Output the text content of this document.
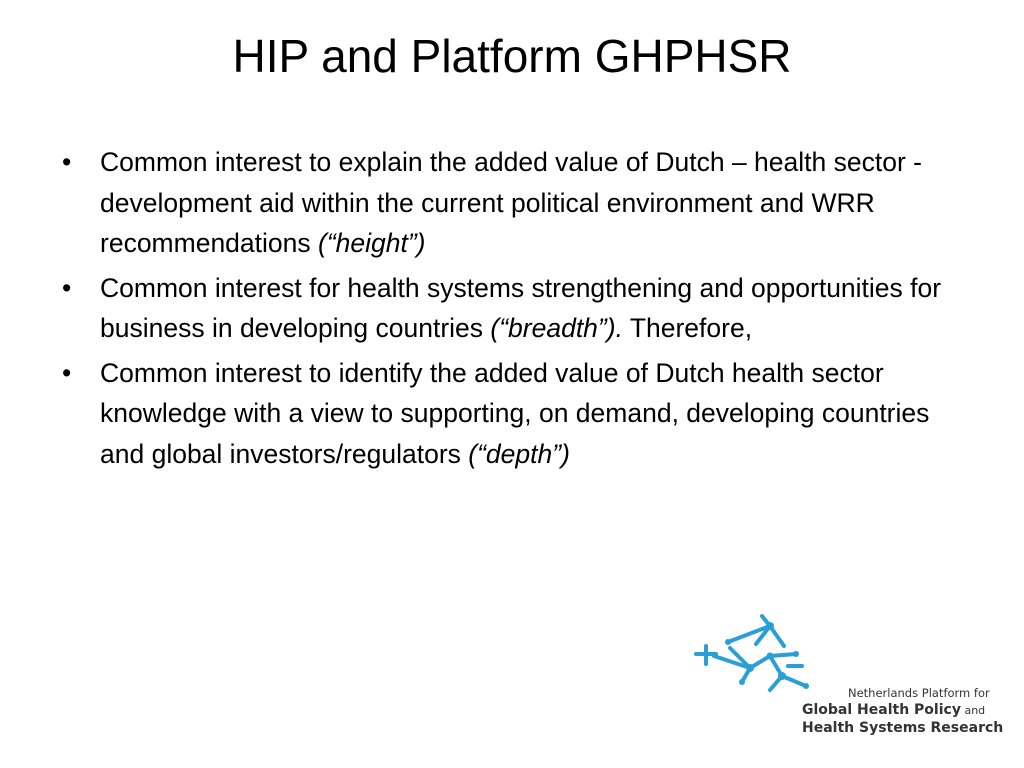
HIP and Platform GHPHSR
• Common interest to explain the added value of Dutch – health sector - development aid within the current political environment and WRR recommendations (“height”)
• Common interest for health systems strengthening and opportunities for business in developing countries (“breadth”). Therefore,
• Common interest to identify the added value of Dutch health sector knowledge with a view to supporting, on demand, developing countries and global investors/regulators (“depth”)
Netherlands Platform for
Global Health Policy and
Health Systems Research
